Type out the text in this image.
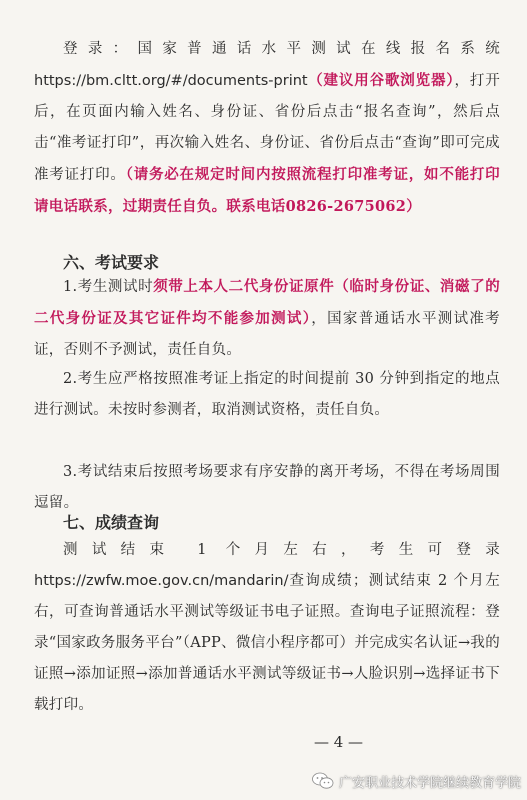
登录：国家普通话水平测试在线报名系统https://bm.cltt.org/#/documents-print（建议用谷歌浏览器），打开后，在页面内输入姓名、身份证、省份后点击“报名查询”，然后点击“准考证打印”，再次输入姓名、身份证、省份后点击“查询”即可完成准考证打印。（请务必在规定时间内按照流程打印准考证，如不能打印请电话联系，过期责任自负。联系电话0826-2675062）

六、考试要求

1.考生测试时须带上本人二代身份证原件（临时身份证、消磁了的二代身份证及其它证件均不能参加测试），国家普通话水平测试准考证，否则不予测试，责任自负。

2.考生应严格按照准考证上指定的时间提前 30 分钟到指定的地点进行测试。未按时参测者，取消测试资格，责任自负。

3.考试结束后按照考场要求有序安静的离开考场，不得在考场周围逗留。

七、成绩查询

测试结束 1 个月左右，考生可登录https://zwfw.moe.gov.cn/mandarin/查询成绩；测试结束 2 个月左右，可查询普通话水平测试等级证书电子证照。查询电子证照流程：登录“国家政务服务平台”（APP、微信小程序都可）并完成实名认证→我的证照→添加证照→添加普通话水平测试等级证书→人脸识别→选择证书下载打印。

— 4 —
广安职业技术学院继续教育学院
